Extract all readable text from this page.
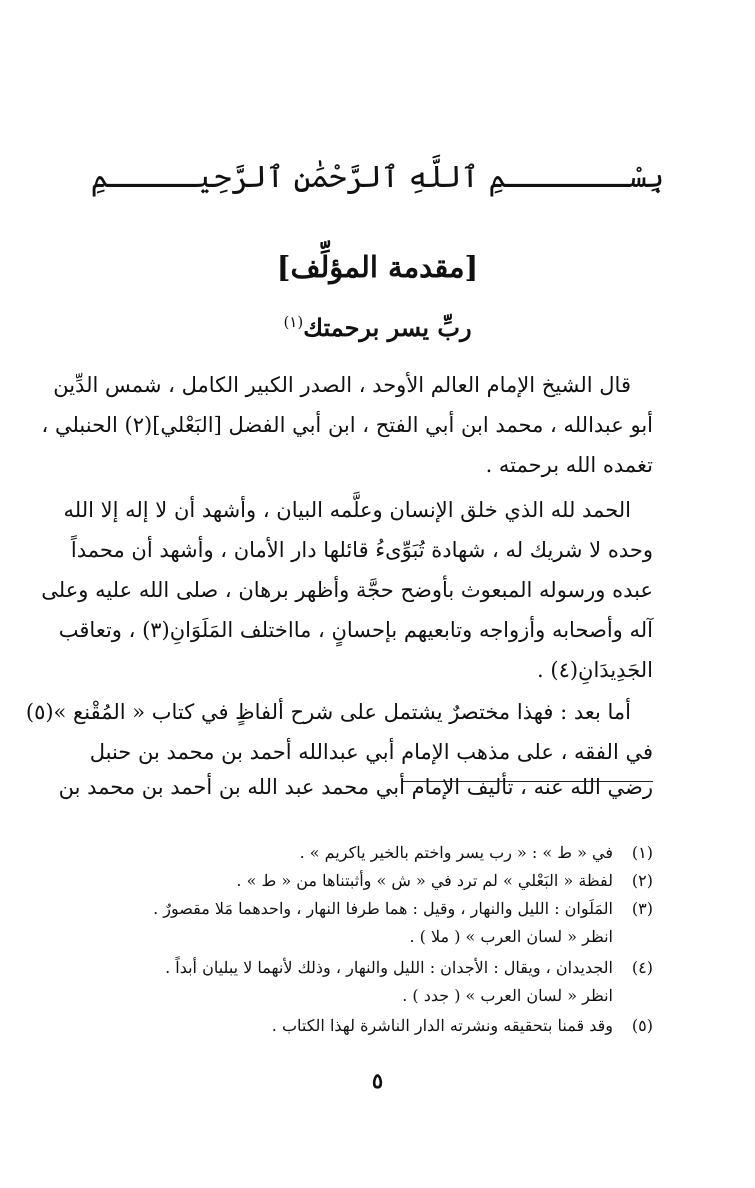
بِسْـــــــمِ ٱللَّهِ ٱلرَّحْمَٰنِ ٱلرَّحِيـــــمِ
[مقدمة المؤلِّف]
ربِّ يسر برحمتك$^{(١)}$
قال الشيخ الإمام العالم الأوحد ، الصدر الكبير الكامل ، شمس الدِّين
أبو عبدالله ، محمد ابن أبي الفتح ، ابن أبي الفضل [البَعْلي](٢) الحنبلي ،
تغمده الله برحمته .
الحمد لله الذي خلق الإنسان وعلَّمه البيان ، وأشهد أن لا إله إلا الله
وحده لا شريك له ، شهادة تُبَوِّىءُ قائلها دار الأمان ، وأشهد أن محمداً
عبده ورسوله المبعوث بأوضح حجَّة وأظهر برهان ، صلى الله عليه وعلى
آله وأصحابه وأزواجه وتابعيهم بإحسانٍ ، مااختلف المَلَوَانِ(٣) ، وتعاقب
الجَدِيدَانِ(٤) .
أما بعد : فهذا مختصرٌ يشتمل على شرح ألفاظٍ في كتاب « المُقْنع »(٥)
في الفقه ، على مذهب الإمام أبي عبدالله أحمد بن محمد بن حنبل
رضي الله عنه ، تأليف الإمام أبي محمد عبد الله بن أحمد بن محمد بن
(١)في « ط » : « رب يسر واختم بالخير ياكريم » .
(٢)لفظة « البَعْلي » لم ترد في « ش » وأثبتناها من « ط » .
(٣)المَلَوان : الليل والنهار ، وقيل : هما طرفا النهار ، واحدهما مَلا مقصورٌ .
انظر « لسان العرب » ( ملا ) .
(٤)الجديدان ، ويقال : الأجدان : الليل والنهار ، وذلك لأنهما لا يبليان أبداً .
انظر « لسان العرب » ( جدد ) .
(٥)وقد قمنا بتحقيقه ونشرته الدار الناشرة لهذا الكتاب .
٥
